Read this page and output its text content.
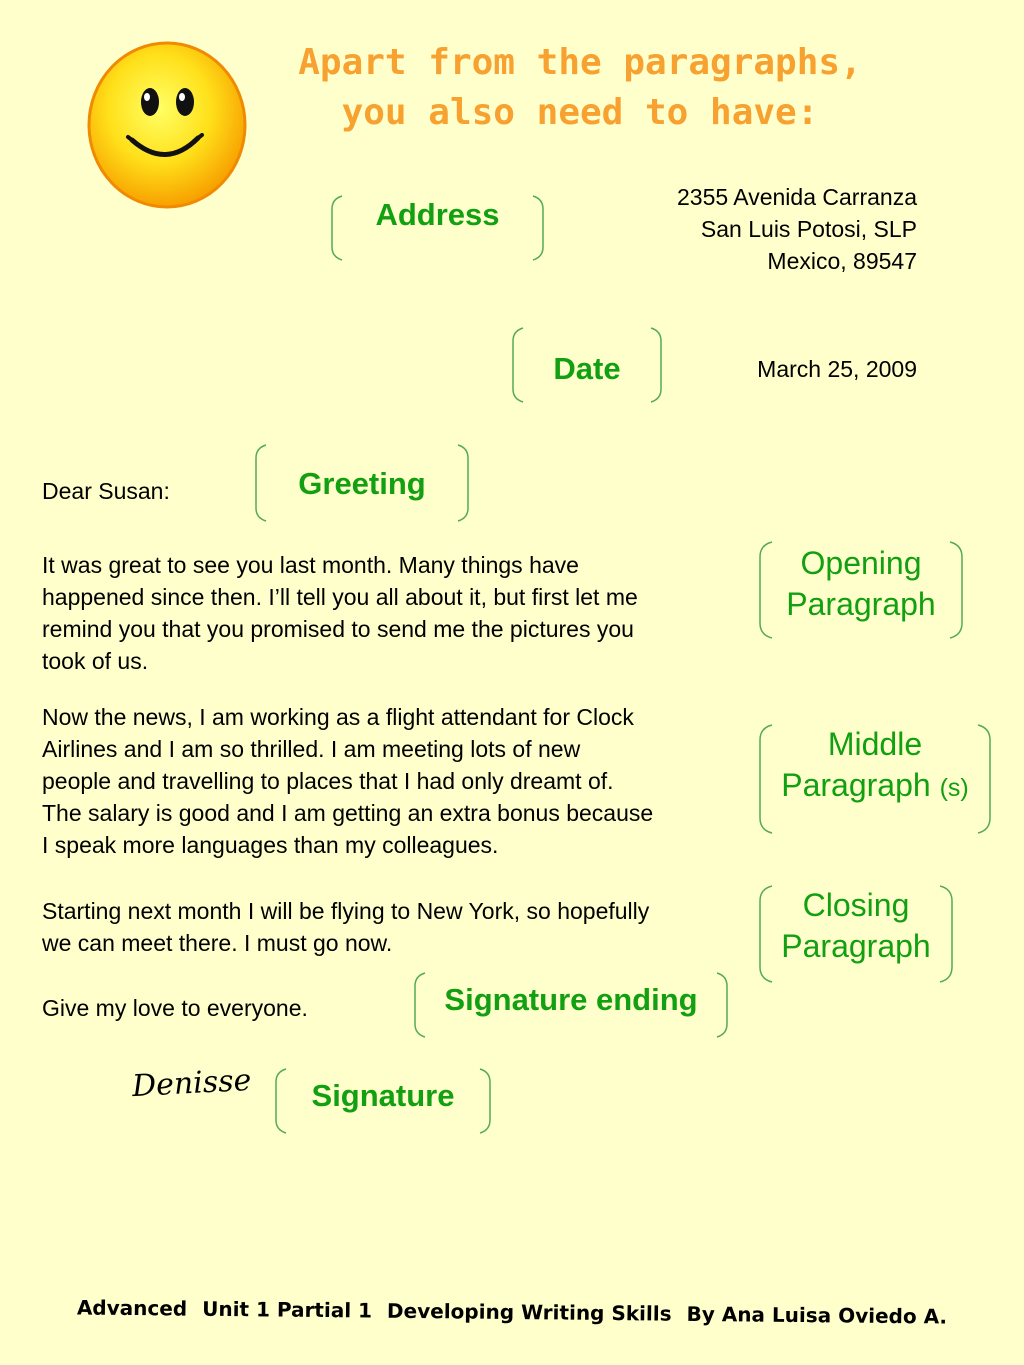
Apart from the paragraphs,
you also need to have:
2355 Avenida Carranza
San Luis Potosi, SLP
Mexico, 89547
Address
Date	March 25, 2009
Dear Susan:	Greeting
It was great to see you last month. Many things have
happened since then. I’ll tell you all about it, but first let me
remind you that you promised to send me the pictures you
took of us.
Opening
Paragraph
Now the news, I am working as a flight attendant for Clock
Airlines and I am so thrilled. I am meeting lots of new
people and travelling to places that I had only dreamt of.
The salary is good and I am getting an extra bonus because
I speak more languages than my colleagues.
Middle
Paragraph (s)
Starting next month I will be flying to New York, so hopefully
we can meet there. I must go now.
Closing
Paragraph
Give my love to everyone.	Signature ending
Denisse	Signature
Advanced Unit 1 Partial 1 Developing Writing Skills By Ana Luisa Oviedo A.
